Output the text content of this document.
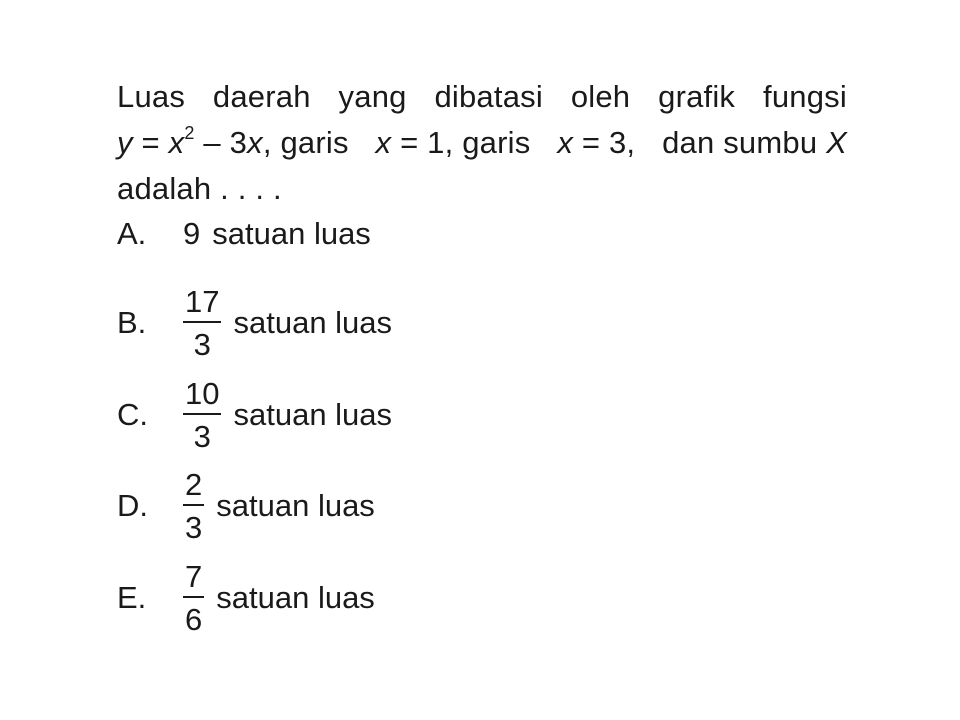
Luas daerah yang dibatasi oleh grafik fungsi
$y = x^2 - 3x$, garis x = 1, garis x = 3, dan sumbu X
adalah . . . .
A.	9 satuan luas
B.	$\frac{17}{3}$ satuan luas
C.	$\frac{10}{3}$ satuan luas
D.	$\frac{2}{3}$ satuan luas
E.	$\frac{7}{6}$ satuan luas
